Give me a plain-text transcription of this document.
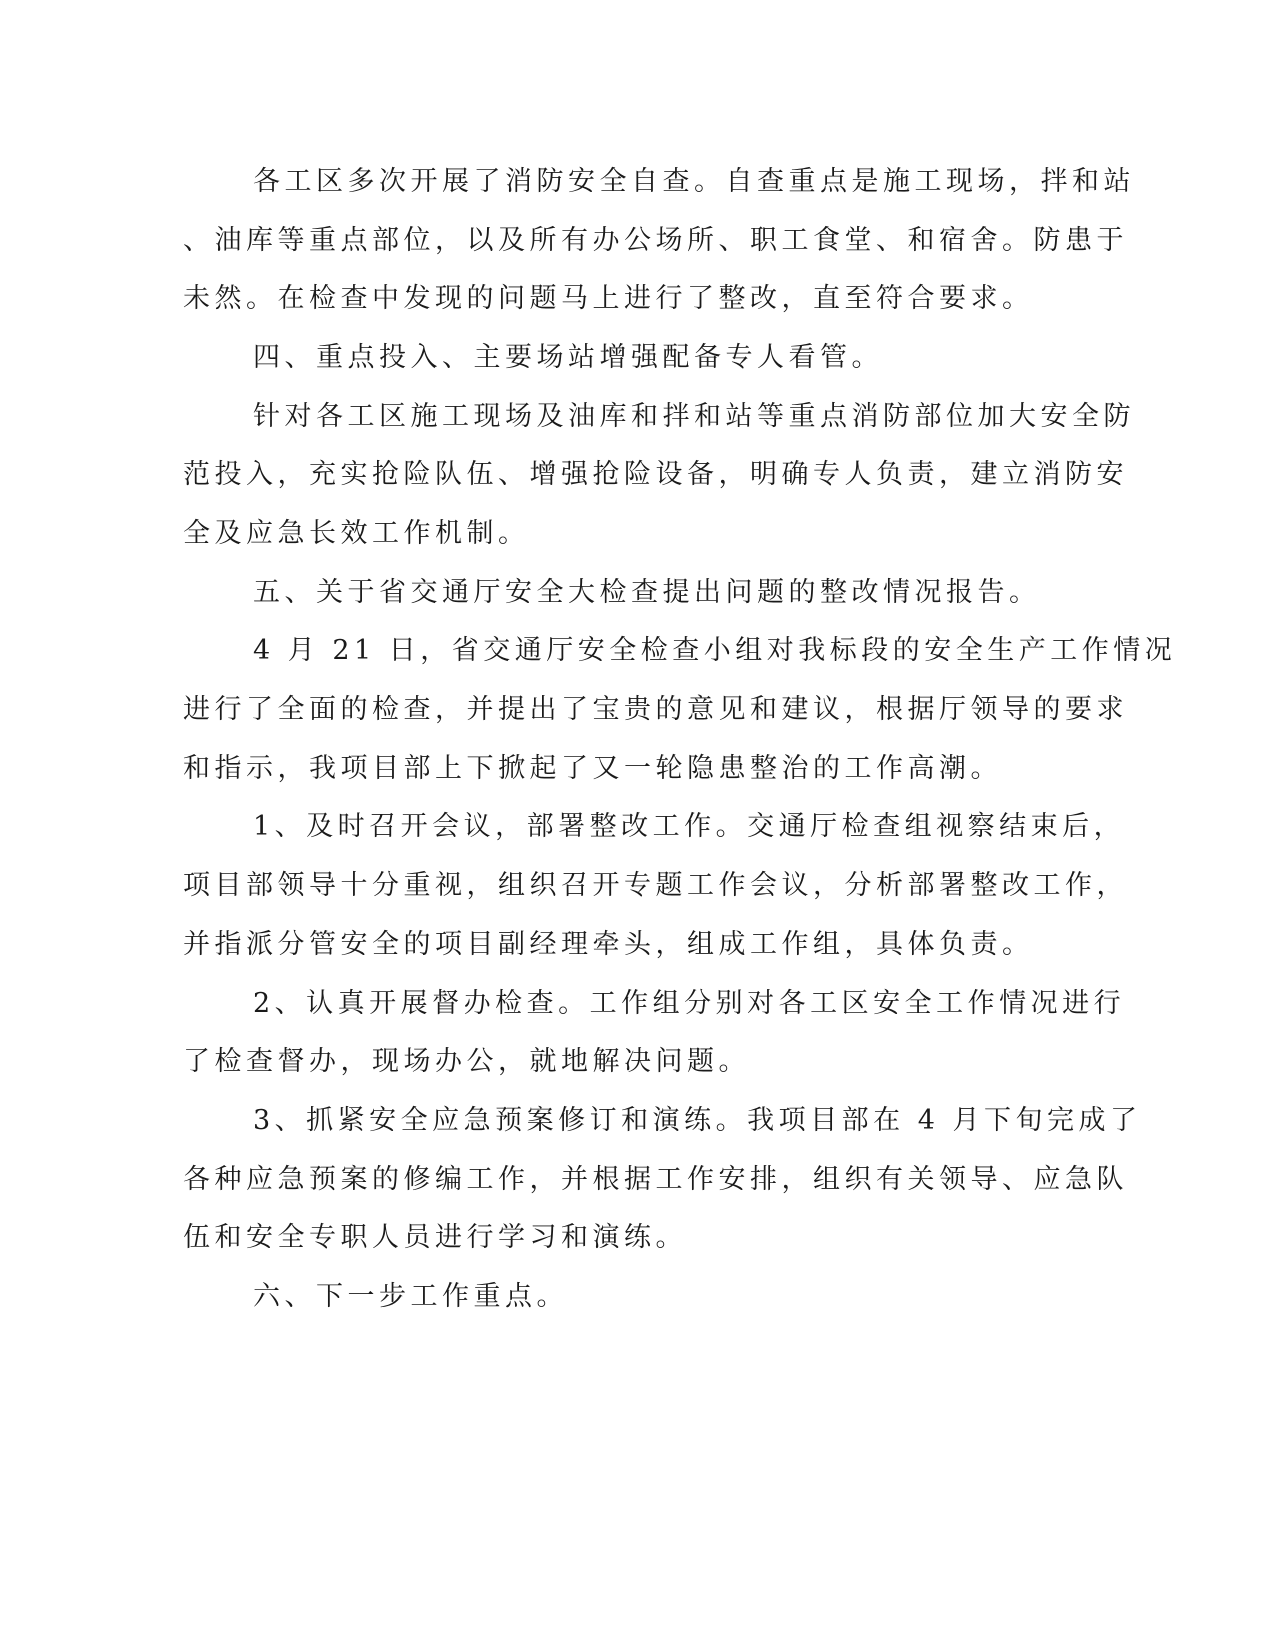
各工区多次开展了消防安全自查。自查重点是施工现场，拌和站
、油库等重点部位，以及所有办公场所、职工食堂、和宿舍。防患于
未然。在检查中发现的问题马上进行了整改，直至符合要求。
四、重点投入、主要场站增强配备专人看管。
针对各工区施工现场及油库和拌和站等重点消防部位加大安全防
范投入，充实抢险队伍、增强抢险设备，明确专人负责，建立消防安
全及应急长效工作机制。
五、关于省交通厅安全大检查提出问题的整改情况报告。
4 月 21 日，省交通厅安全检查小组对我标段的安全生产工作情况
进行了全面的检查，并提出了宝贵的意见和建议，根据厅领导的要求
和指示，我项目部上下掀起了又一轮隐患整治的工作高潮。
1、及时召开会议，部署整改工作。交通厅检查组视察结束后，
项目部领导十分重视，组织召开专题工作会议，分析部署整改工作，
并指派分管安全的项目副经理牵头，组成工作组，具体负责。
2、认真开展督办检查。工作组分别对各工区安全工作情况进行
了检查督办，现场办公，就地解决问题。
3、抓紧安全应急预案修订和演练。我项目部在 4 月下旬完成了
各种应急预案的修编工作，并根据工作安排，组织有关领导、应急队
伍和安全专职人员进行学习和演练。
六、下一步工作重点。
